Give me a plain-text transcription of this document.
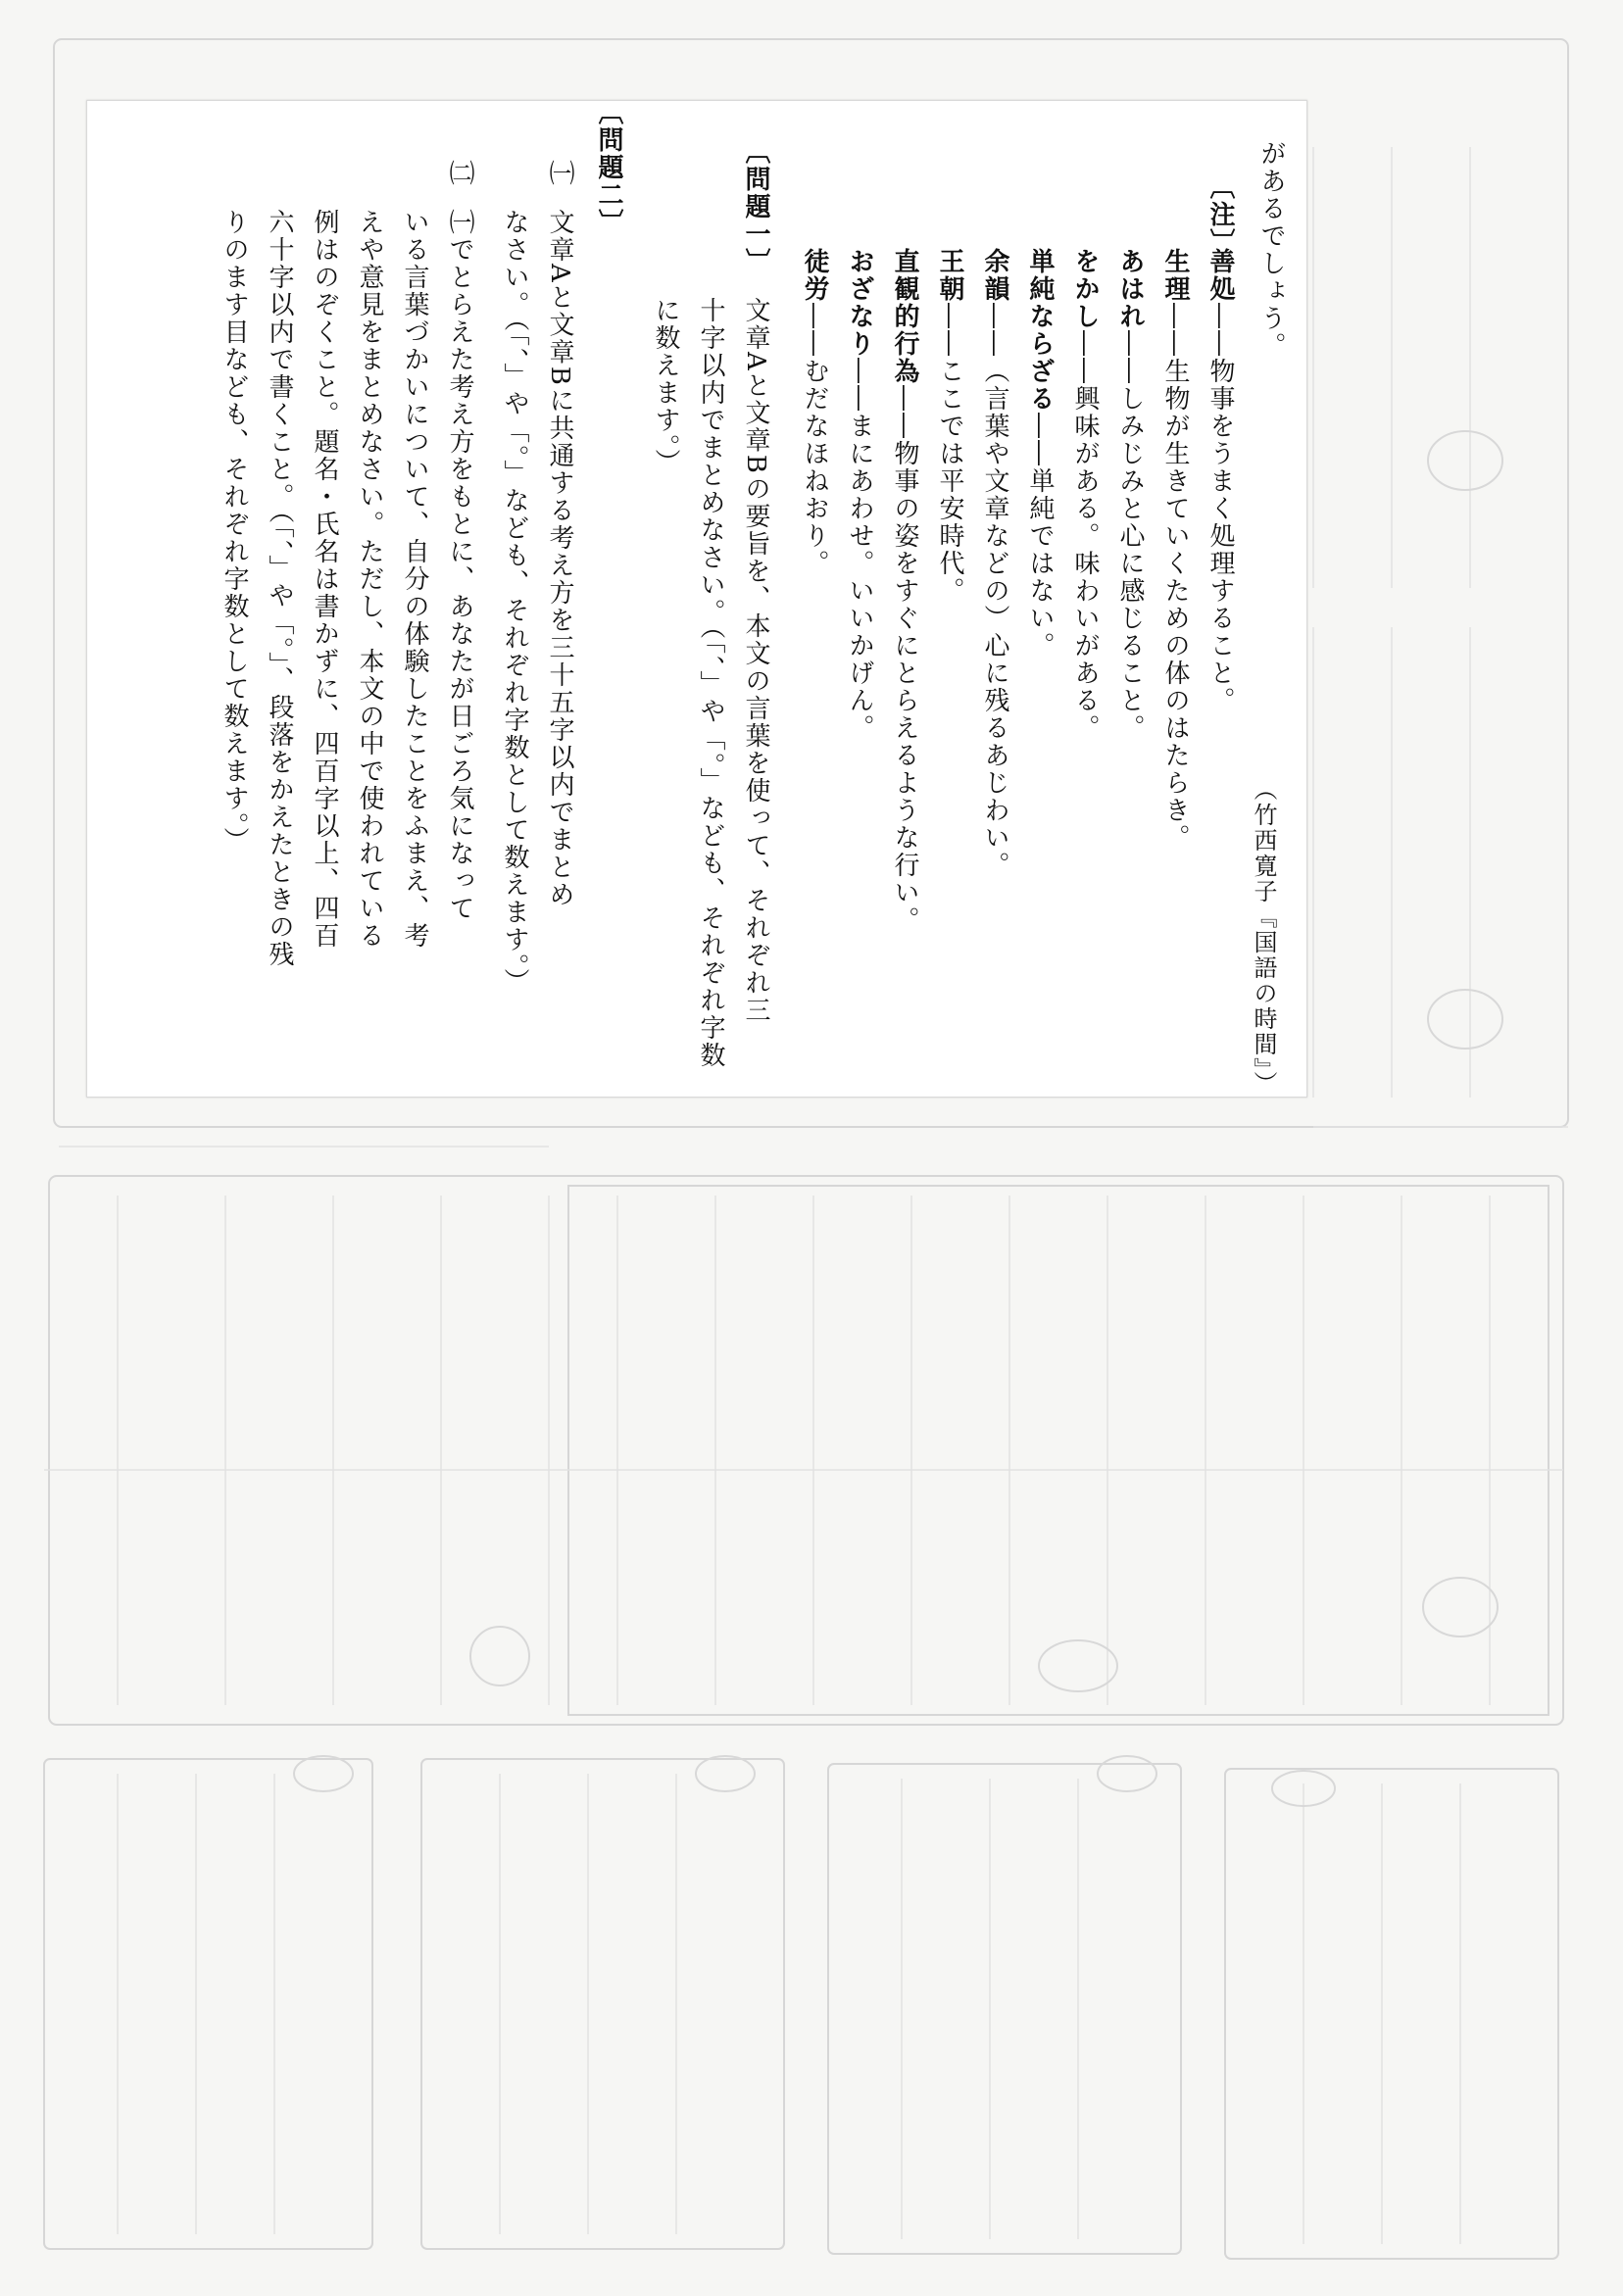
があるでしょう。
〔注〕
善処――物事をうまく処理すること。
生理――生物が生きていくための体のはたらき。
あはれ――しみじみと心に感じること。
をかし――興味がある。味わいがある。
単純ならざる――単純ではない。
余韻――（言葉や文章などの）心に残るあじわい。
王朝――ここでは平安時代。
直観的行為――物事の姿をすぐにとらえるような行い。
おざなり――まにあわせ。いいかげん。
徒労――むだなほねおり。
（竹西寛子『国語の時間』）
〔問題一〕
文章Aと文章Bの要旨を、本文の言葉を使って、それぞれ三
十字以内でまとめなさい。（「、」や「。」なども、それぞれ字数
に数えます。）
〔問題二〕
㈠
文章Aと文章Bに共通する考え方を三十五字以内でまとめ
なさい。（「、」や「。」なども、それぞれ字数として数えます。）
㈡
㈠でとらえた考え方をもとに、あなたが日ごろ気になって
いる言葉づかいについて、自分の体験したことをふまえ、考
えや意見をまとめなさい。ただし、本文の中で使われている
例はのぞくこと。題名・氏名は書かずに、四百字以上、四百
六十字以内で書くこと。（「、」や「。」、段落をかえたときの残
りのます目なども、それぞれ字数として数えます。）
